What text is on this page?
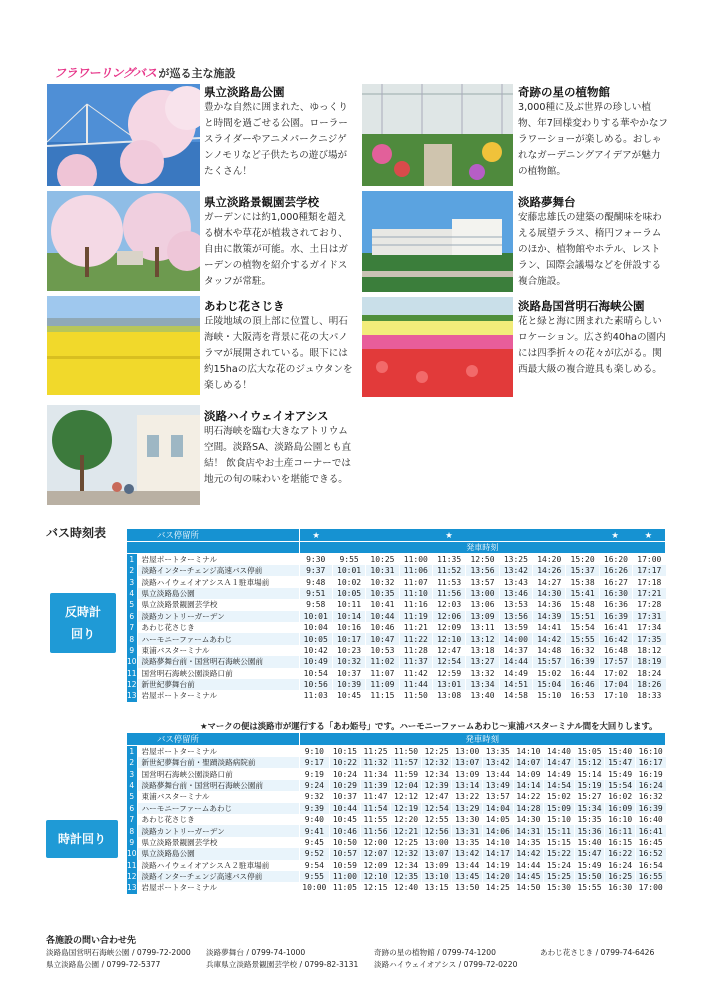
フラワーリングバス が巡る主な施設
県立淡路島公園
豊かな自然に囲まれた、ゆっくりと時間を過ごせる公園。ローラースライダーやアニメパークニジゲンノモリなど子供たちの遊び場がたくさん！
県立淡路景観園芸学校
ガーデンには約1,000種類を超える樹木や草花が植栽されており、自由に散策が可能。水、土日はガーデンの植物を紹介するガイドスタッフが常駐。
あわじ花さじき
丘陵地域の頂上部に位置し、明石海峡・大阪湾を背景に花の大パノラマが展開されている。眼下には約15haの広大な花のジュウタンを楽しめる！
淡路ハイウェイオアシス
明石海峡を臨む大きなアトリウム空間。淡路SA、淡路島公園とも直結！ 飲食店やお土産コーナーでは地元の旬の味わいを堪能できる。
奇跡の星の植物館
3,000種に及ぶ世界の珍しい植物、年7回様変わりする華やかなフラワーショーが楽しめる。おしゃれなガーデニングアイデアが魅力の植物館。
淡路夢舞台
安藤忠雄氏の建築の醍醐味を味わえる展望テラス、楕円フォーラムのほか、植物館やホテル、レストラン、国際会議場などを併設する複合施設。
淡路島国営明石海峡公園
花と緑と海に囲まれた素晴らしいロケーション。広さ約40haの園内には四季折々の花々が広がる。関西最大級の複合遊具も楽しめる。
バス時刻表
反時計
回り
バス停留所		★ ★ ★ ★										

		発車時刻										
1	岩屋ポートターミナル	9:30	9:55	10:25	11:00	11:35	12:50	13:25	14:20	15:20	16:20	17:00
2	淡路インターチェンジ高速バス停前	9:37	10:01	10:31	11:06	11:52	13:56	13:42	14:26	15:37	16:26	17:17
3	淡路ハイウェイオアシスＡ１駐車場前	9:48	10:02	10:32	11:07	11:53	13:57	13:43	14:27	15:38	16:27	17:18
4	県立淡路島公園	9:51	10:05	10:35	11:10	11:56	13:00	13:46	14:30	15:41	16:30	17:21
5	県立淡路景観園芸学校	9:58	10:11	10:41	11:16	12:03	13:06	13:53	14:36	15:48	16:36	17:28
6	淡路カントリーガーデン	10:01	10:14	10:44	11:19	12:06	13:09	13:56	14:39	15:51	16:39	17:31
7	あわじ花さじき	10:04	10:16	10:46	11:21	12:09	13:11	13:59	14:41	15:54	16:41	17:34
8	ハーモニーファームあわじ	10:05	10:17	10:47	11:22	12:10	13:12	14:00	14:42	15:55	16:42	17:35
9	東浦バスターミナル	10:42	10:23	10:53	11:28	12:47	13:18	14:37	14:48	16:32	16:48	18:12
10	淡路夢舞台前・国営明石海峡公園前	10:49	10:32	11:02	11:37	12:54	13:27	14:44	15:57	16:39	17:57	18:19
11	国営明石海峡公園淡路口前	10:54	10:37	11:07	11:42	12:59	13:32	14:49	15:02	16:44	17:02	18:24
12	新世紀夢舞台前	10:56	10:39	11:09	11:44	13:01	13:34	14:51	15:04	16:46	17:04	18:26
13	岩屋ポートターミナル	11:03	10:45	11:15	11:50	13:08	13:40	14:58	15:10	16:53	17:10	18:33
★マークの便は淡路市が運行する「あわ姫号」です。ハーモニーファームあわじ〜東浦バスターミナル間を大回りします。
時計回り
バス停留所		発車時刻											
1	岩屋ポートターミナル	9:10	10:15	11:25	11:50	12:25	13:00	13:35	14:10	14:40	15:05	15:40	16:10
2	新世紀夢舞台前・聖蹟淡路病院前	9:17	10:22	11:32	11:57	12:32	13:07	13:42	14:07	14:47	15:12	15:47	16:17
3	国営明石海峡公園淡路口前	9:19	10:24	11:34	11:59	12:34	13:09	13:44	14:09	14:49	15:14	15:49	16:19
4	淡路夢舞台前・国営明石海峡公園前	9:24	10:29	11:39	12:04	12:39	13:14	13:49	14:14	14:54	15:19	15:54	16:24
5	東浦バスターミナル	9:32	10:37	11:47	12:12	12:47	13:22	13:57	14:22	15:02	15:27	16:02	16:32
6	ハーモニーファームあわじ	9:39	10:44	11:54	12:19	12:54	13:29	14:04	14:28	15:09	15:34	16:09	16:39
7	あわじ花さじき	9:40	10:45	11:55	12:20	12:55	13:30	14:05	14:30	15:10	15:35	16:10	16:40
8	淡路カントリーガーデン	9:41	10:46	11:56	12:21	12:56	13:31	14:06	14:31	15:11	15:36	16:11	16:41
9	県立淡路景観園芸学校	9:45	10:50	12:00	12:25	13:00	13:35	14:10	14:35	15:15	15:40	16:15	16:45
10	県立淡路島公園	9:52	10:57	12:07	12:32	13:07	13:42	14:17	14:42	15:22	15:47	16:22	16:52
11	淡路ハイウェイオアシスＡ２駐車場前	9:54	10:59	12:09	12:34	13:09	13:44	14:19	14:44	15:24	15:49	16:24	16:54
12	淡路インターチェンジ高速バス停前	9:55	11:00	12:10	12:35	13:10	13:45	14:20	14:45	15:25	15:50	16:25	16:55
13	岩屋ポートターミナル	10:00	11:05	12:15	12:40	13:15	13:50	14:25	14:50	15:30	15:55	16:30	17:00
各施設の問い合わせ先
淡路島国営明石海峡公園 / 0799-72-2000
県立淡路島公園 / 0799-72-5377
淡路夢舞台 / 0799-74-1000
兵庫県立淡路景観園芸学校 / 0799-82-3131
奇跡の星の植物館 / 0799-74-1200
淡路ハイウェイオアシス / 0799-72-0220
あわじ花さじき / 0799-74-6426
